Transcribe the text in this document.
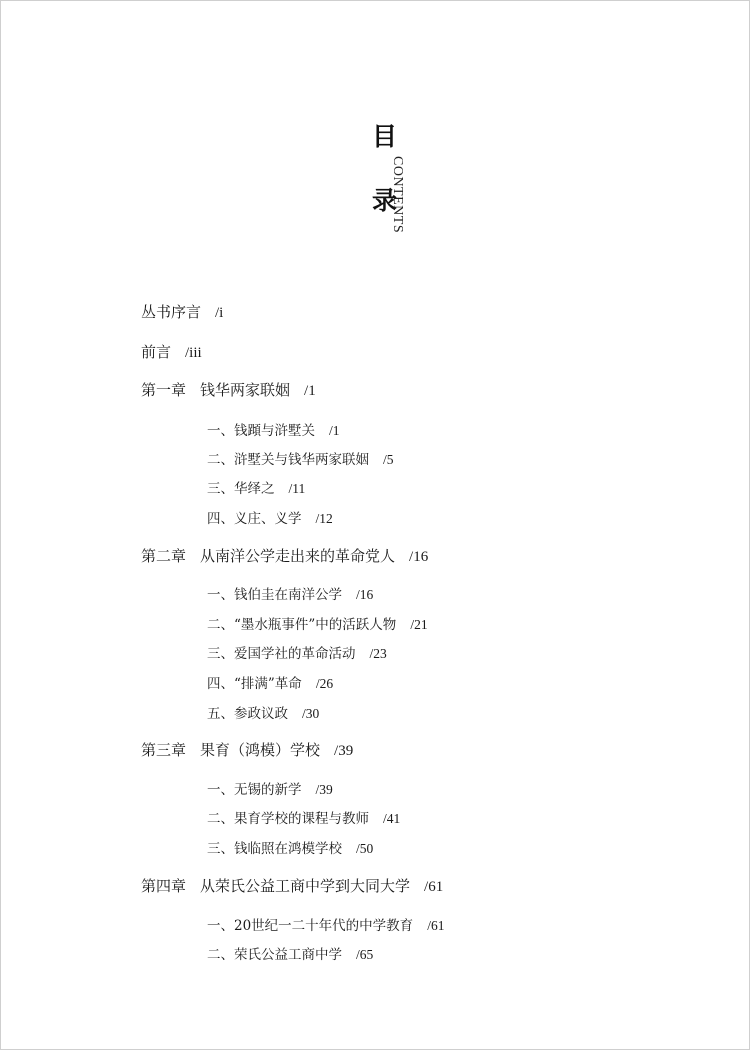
目
录
CONTENTS
丛书序言 /i
前言 /iii
第一章 钱华两家联姻 /1
一、钱蹞与浒墅关 /1
二、浒墅关与钱华两家联姻 /5
三、华绎之 /11
四、义庄、义学 /12
第二章 从南洋公学走出来的革命党人 /16
一、钱伯圭在南洋公学 /16
二、“墨水瓶事件”中的活跃人物 /21
三、爱国学社的革命活动 /23
四、“排满”革命 /26
五、参政议政 /30
第三章 果育（鸿模）学校 /39
一、无锡的新学 /39
二、果育学校的课程与教师 /41
三、钱临照在鸿模学校 /50
第四章 从荣氏公益工商中学到大同大学 /61
一、20世纪一二十年代的中学教育 /61
二、荣氏公益工商中学 /65
